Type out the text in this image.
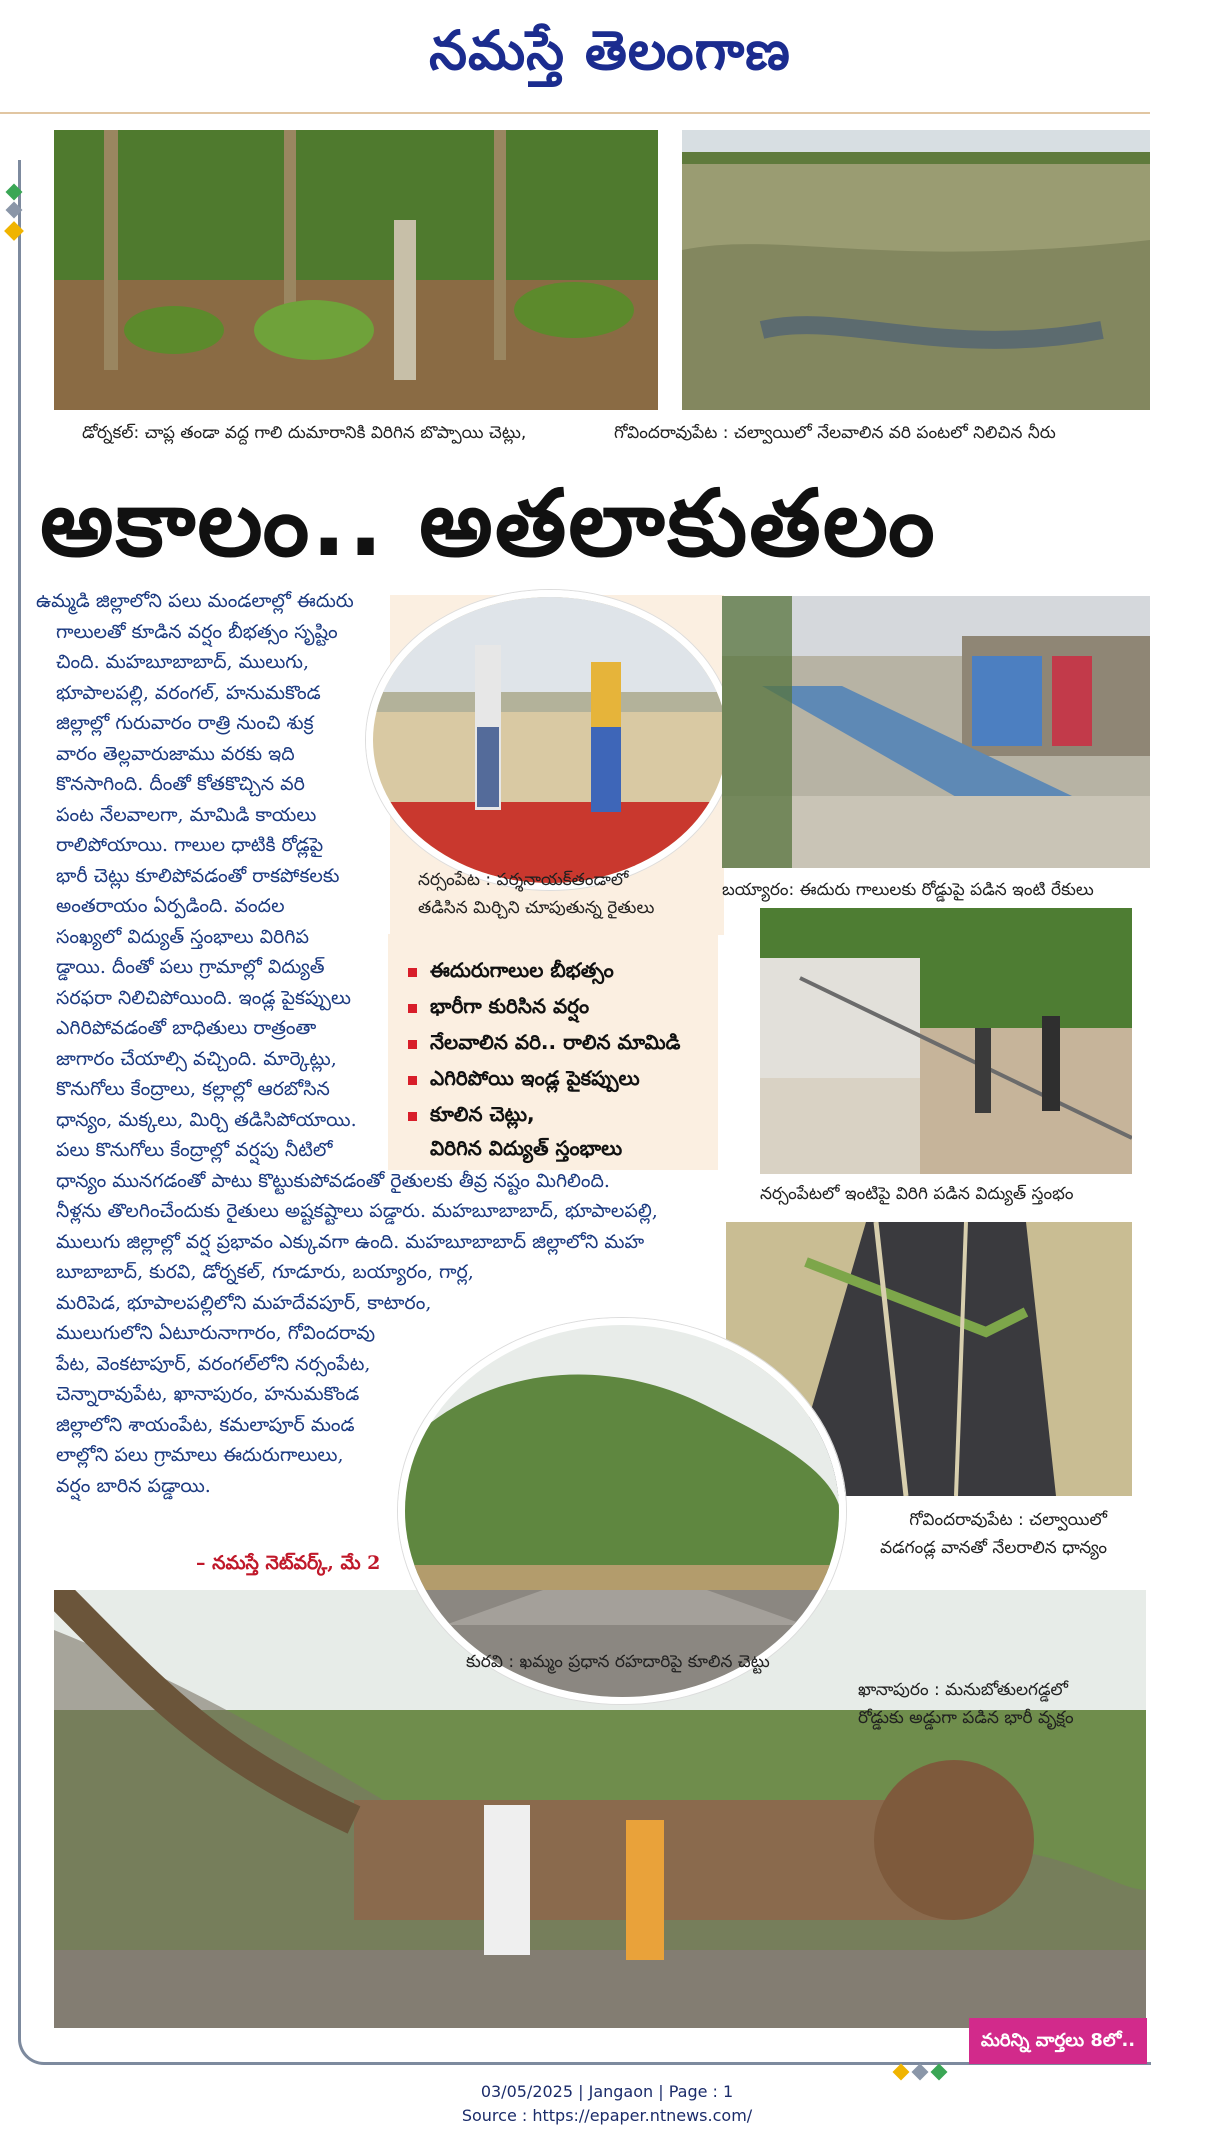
నమస్తే తెలంగాణ
డోర్నకల్: చాప్ల తండా వద్ద గాలి దుమారానికి విరిగిన బొప్పాయి చెట్లు,	గోవిందరావుపేట : చల్వాయిలో నేలవాలిన వరి పంటలో నిలిచిన నీరు
అకాలం.. అతలాకుతలం
ఉమ్మడి జిల్లాలోని పలు మండలాల్లో ఈదురు
గాలులతో కూడిన వర్షం బీభత్సం సృష్టిం
చింది. మహబూబాబాద్, ములుగు,
భూపాలపల్లి, వరంగల్, హనుమకొండ
జిల్లాల్లో గురువారం రాత్రి నుంచి శుక్ర
వారం తెల్లవారుజాము వరకు ఇది
కొనసాగింది. దీంతో కోతకొచ్చిన వరి
పంట నేలవాలగా, మామిడి కాయలు
రాలిపోయాయి. గాలుల ధాటికి రోడ్లపై
భారీ చెట్లు కూలిపోవడంతో రాకపోకలకు
అంతరాయం ఏర్పడింది. వందల
సంఖ్యలో విద్యుత్ స్తంభాలు విరిగిప
డ్డాయి. దీంతో పలు గ్రామాల్లో విద్యుత్
సరఫరా నిలిచిపోయింది. ఇండ్ల పైకప్పులు
ఎగిరిపోవడంతో బాధితులు రాత్రంతా
జాగారం చేయాల్సి వచ్చింది. మార్కెట్లు,
కొనుగోలు కేంద్రాలు, కల్లాల్లో ఆరబోసిన
ధాన్యం, మక్కలు, మిర్చి తడిసిపోయాయి.
పలు కొనుగోలు కేంద్రాల్లో వర్షపు నీటిలో
ధాన్యం మునగడంతో పాటు కొట్టుకుపోవడంతో రైతులకు తీవ్ర నష్టం మిగిలింది.
నీళ్లను తొలగించేందుకు రైతులు అష్టకష్టాలు పడ్డారు. మహబూబాబాద్, భూపాలపల్లి,
ములుగు జిల్లాల్లో వర్ష ప్రభావం ఎక్కువగా ఉంది. మహబూబాబాద్ జిల్లాలోని మహ
బూబాబాద్, కురవి, డోర్నకల్, గూడూరు, బయ్యారం, గార్ల,
మరిపెడ, భూపాలపల్లిలోని మహదేవపూర్, కాటారం,
ములుగులోని ఏటూరునాగారం, గోవిందరావు
పేట, వెంకటాపూర్, వరంగల్‌లోని నర్సంపేట,
చెన్నారావుపేట, ఖానాపురం, హనుమకొండ
జిల్లాలోని శాయంపేట, కమలాపూర్ మండ
లాల్లోని పలు గ్రామాలు ఈదురుగాలులు,
వర్షం బారిన పడ్డాయి.
– నమస్తే నెట్‌వర్క్, మే 2
నర్సంపేట : పర్శనాయక్‌తండాలో
తడిసిన మిర్చిని చూపుతున్న రైతులు
బయ్యారం: ఈదురు గాలులకు రోడ్డుపై పడిన ఇంటి రేకులు
ఈదురుగాలుల బీభత్సం
భారీగా కురిసిన వర్షం
నేలవాలిన వరి.. రాలిన మామిడి
ఎగిరిపోయి ఇండ్ల పైకప్పులు
కూలిన చెట్లు,
విరిగిన విద్యుత్ స్తంభాలు
నర్సంపేటలో ఇంటిపై విరిగి పడిన విద్యుత్ స్తంభం
గోవిందరావుపేట : చల్వాయిలో
వడగండ్ల వానతో నేలరాలిన ధాన్యం
కురవి : ఖమ్మం ప్రధాన రహదారిపై కూలిన చెట్టు
ఖానాపురం : మనుబోతులగడ్డలో
రోడ్డుకు అడ్డుగా పడిన భారీ వృక్షం
మరిన్ని వార్తలు 8లో..
03/05/2025 | Jangaon | Page : 1
Source : https://epaper.ntnews.com/
